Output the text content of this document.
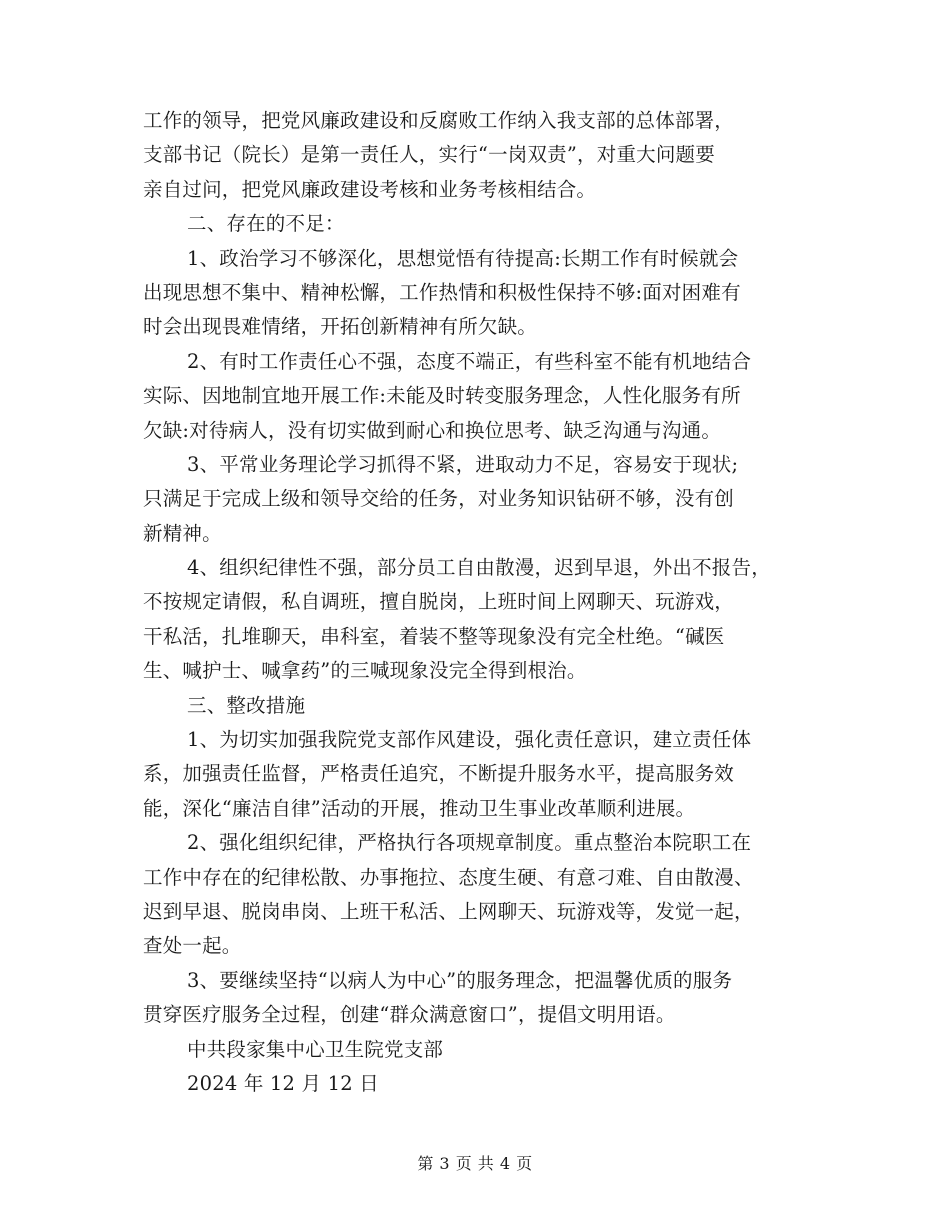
工作的领导，把党风廉政建设和反腐败工作纳入我支部的总体部署，
支部书记（院长）是第一责任人，实行“一岗双责”，对重大问题要
亲自过问，把党风廉政建设考核和业务考核相结合。
二、存在的不足：
1、政治学习不够深化，思想觉悟有待提高:长期工作有时候就会
出现思想不集中、精神松懈，工作热情和积极性保持不够:面对困难有
时会出现畏难情绪，开拓创新精神有所欠缺。
2、有时工作责任心不强，态度不端正，有些科室不能有机地结合
实际、因地制宜地开展工作:未能及时转变服务理念，人性化服务有所
欠缺:对待病人，没有切实做到耐心和换位思考、缺乏沟通与沟通。
3、平常业务理论学习抓得不紧，进取动力不足，容易安于现状;
只满足于完成上级和领导交给的任务，对业务知识钻研不够，没有创
新精神。
4、组织纪律性不强，部分员工自由散漫，迟到早退，外出不报告，
不按规定请假，私自调班，擅自脱岗，上班时间上网聊天、玩游戏，
干私活，扎堆聊天，串科室，着装不整等现象没有完全杜绝。“碱医
生、喊护士、喊拿药”的三喊现象没完全得到根治。
三、整改措施
1、为切实加强我院党支部作风建设，强化责任意识，建立责任体
系，加强责任监督，严格责任追究，不断提升服务水平，提高服务效
能，深化“廉洁自律”活动的开展，推动卫生事业改革顺利进展。
2、强化组织纪律，严格执行各项规章制度。重点整治本院职工在
工作中存在的纪律松散、办事拖拉、态度生硬、有意刁难、自由散漫、
迟到早退、脱岗串岗、上班干私活、上网聊天、玩游戏等，发觉一起，
查处一起。
3、要继续坚持“以病人为中心”的服务理念，把温馨优质的服务
贯穿医疗服务全过程，创建“群众满意窗口”，提倡文明用语。
中共段家集中心卫生院党支部
2024 年 12 月 12 日
第 3 页 共 4 页
